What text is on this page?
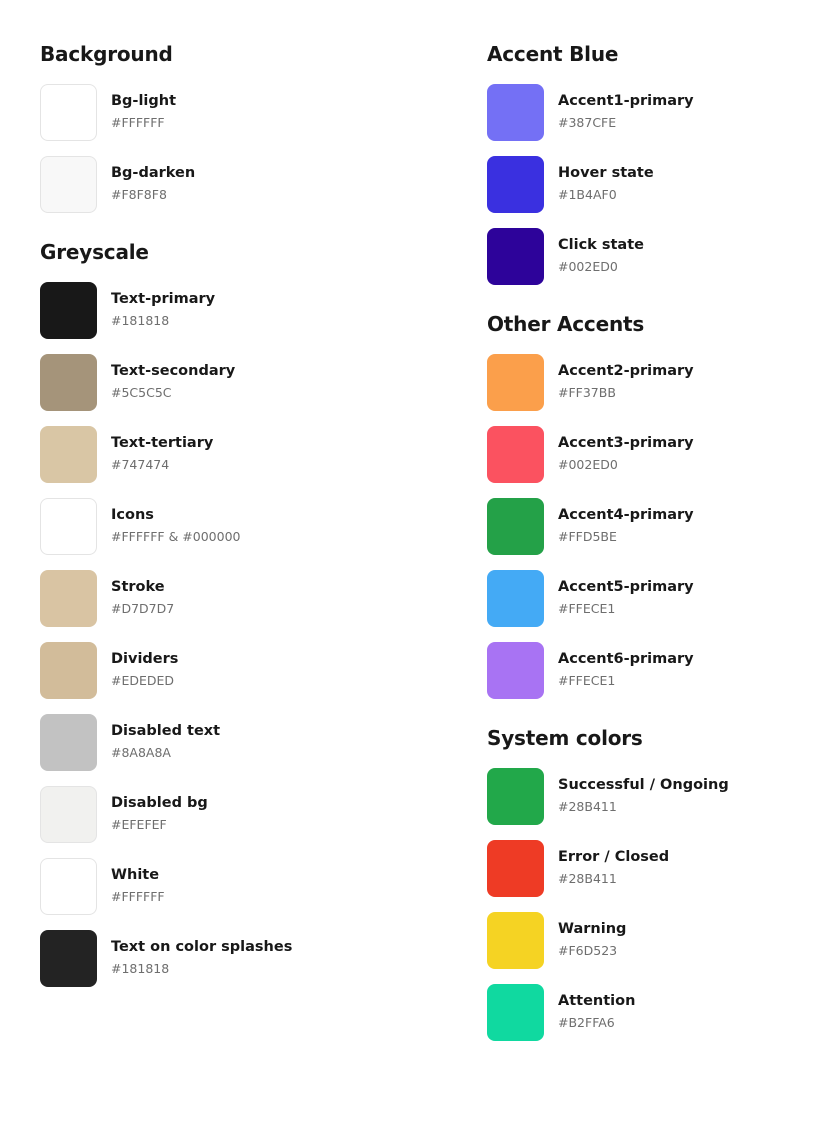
Background
Bg-light
#FFFFFF
Bg-darken
#F8F8F8
Greyscale
Text-primary
#181818
Text-secondary
#5C5C5C
Text-tertiary
#747474
Icons
#FFFFFF & #000000
Stroke
#D7D7D7
Dividers
#EDEDED
Disabled text
#8A8A8A
Disabled bg
#EFEFEF
White
#FFFFFF
Text on color splashes
#181818
Accent Blue
Accent1-primary
#387CFE
Hover state
#1B4AF0
Click state
#002ED0
Other Accents
Accent2-primary
#FF37BB
Accent3-primary
#002ED0
Accent4-primary
#FFD5BE
Accent5-primary
#FFECE1
Accent6-primary
#FFECE1
System colors
Successful / Ongoing
#28B411
Error / Closed
#28B411
Warning
#F6D523
Attention
#B2FFA6
